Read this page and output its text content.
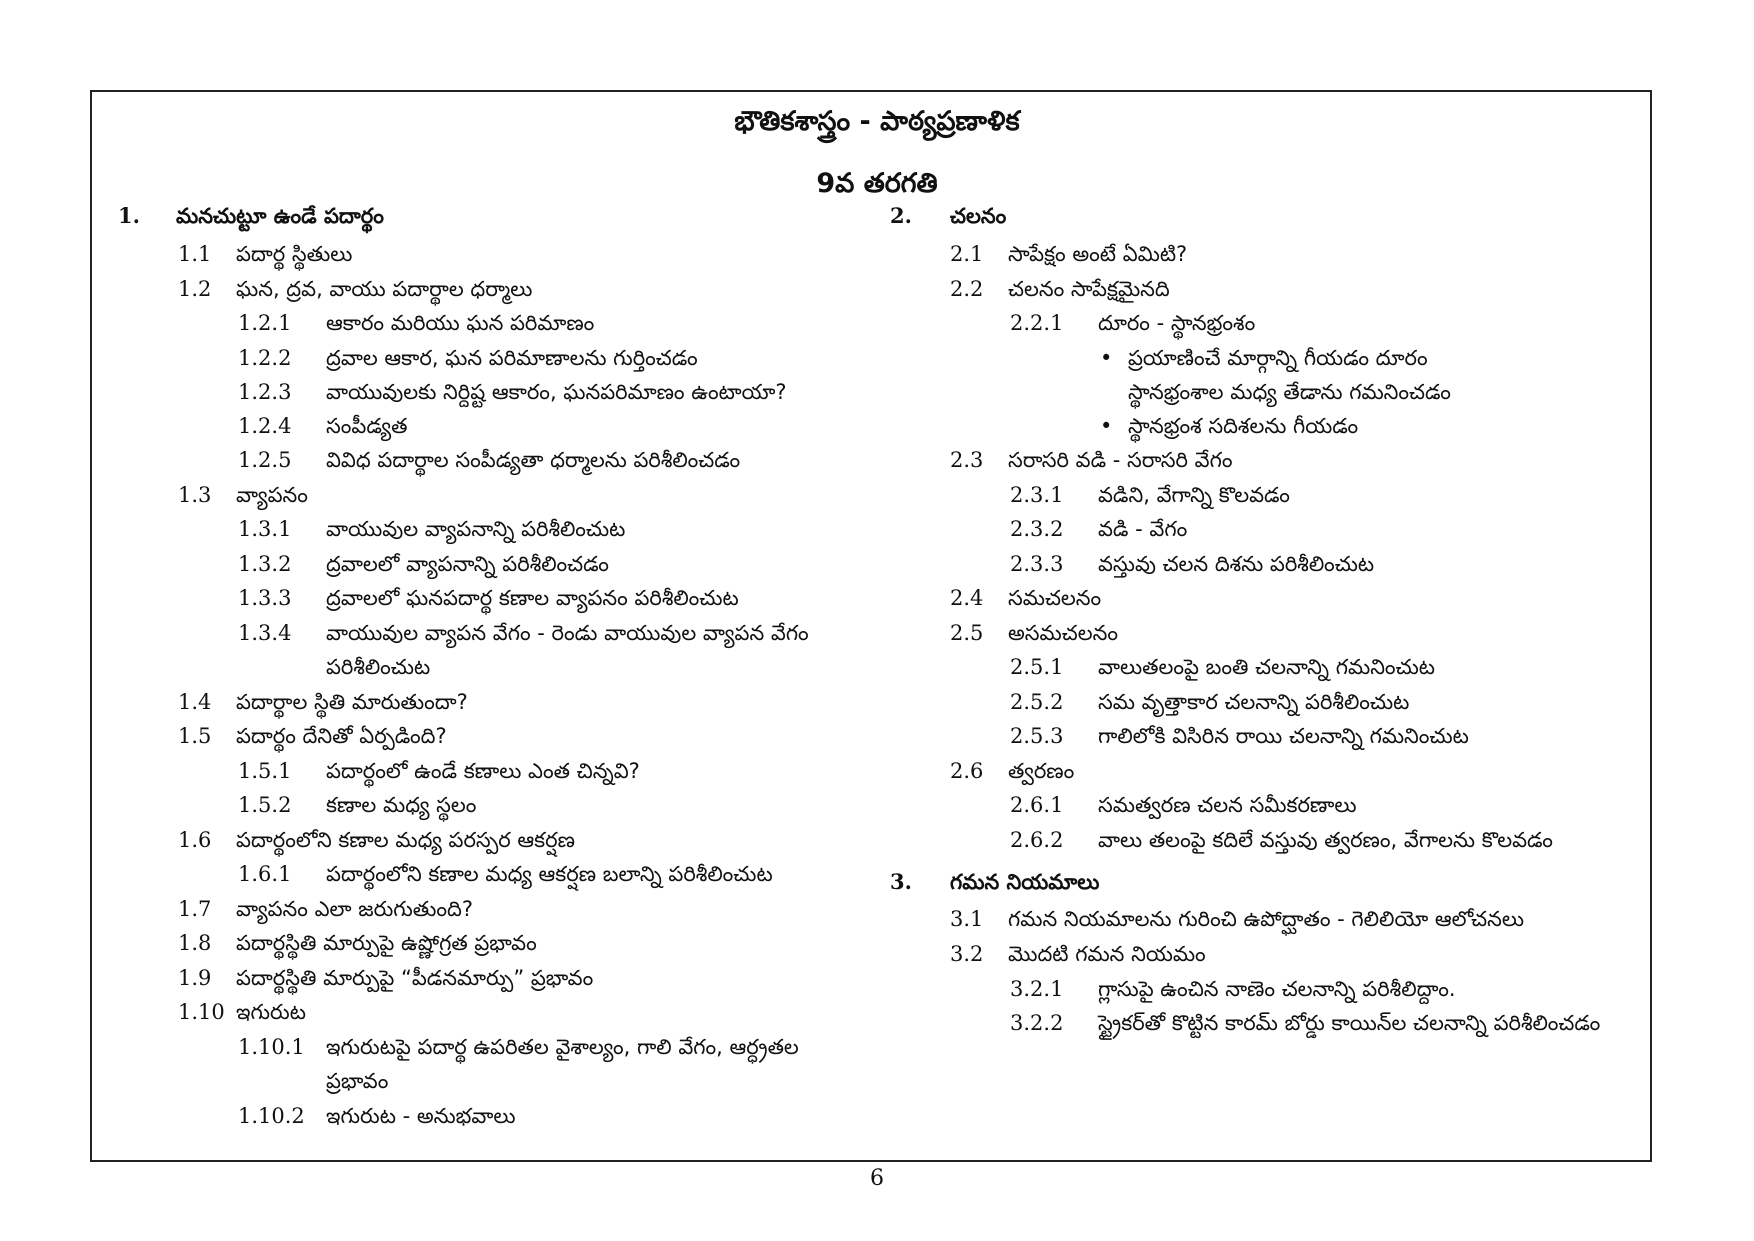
భౌతికశాస్త్రం - పాఠ్యప్రణాళిక
9వ తరగతి
1. మనచుట్టూ ఉండే పదార్థం
1.1 పదార్థ స్థితులు
1.2 ఘన, ద్రవ, వాయు పదార్థాల ధర్మాలు
1.2.1 ఆకారం మరియు ఘన పరిమాణం
1.2.2 ద్రవాల ఆకార, ఘన పరిమాణాలను గుర్తించడం
1.2.3 వాయువులకు నిర్దిష్ట ఆకారం, ఘనపరిమాణం ఉంటాయా?
1.2.4 సంపీడ్యత
1.2.5 వివిధ పదార్థాల సంపీడ్యతా ధర్మాలను పరిశీలించడం
1.3 వ్యాపనం
1.3.1 వాయువుల వ్యాపనాన్ని పరిశీలించుట
1.3.2 ద్రవాలలో వ్యాపనాన్ని పరిశీలించడం
1.3.3 ద్రవాలలో ఘనపదార్థ కణాల వ్యాపనం పరిశీలించుట
1.3.4 వాయువుల వ్యాపన వేగం - రెండు వాయువుల వ్యాపన వేగం
పరిశీలించుట
1.4 పదార్థాల స్థితి మారుతుందా?
1.5 పదార్థం దేనితో ఏర్పడింది?
1.5.1 పదార్థంలో ఉండే కణాలు ఎంత చిన్నవి?
1.5.2 కణాల మధ్య స్థలం
1.6 పదార్థంలోని కణాల మధ్య పరస్పర ఆకర్షణ
1.6.1 పదార్థంలోని కణాల మధ్య ఆకర్షణ బలాన్ని పరిశీలించుట
1.7 వ్యాపనం ఎలా జరుగుతుంది?
1.8 పదార్థస్థితి మార్పుపై ఉష్ణోగ్రత ప్రభావం
1.9 పదార్థస్థితి మార్పుపై “పీడనమార్పు” ప్రభావం
1.10 ఇగురుట
1.10.1 ఇగురుటపై పదార్థ ఉపరితల వైశాల్యం, గాలి వేగం, ఆర్ధ్రతల
ప్రభావం
1.10.2 ఇగురుట - అనుభవాలు
2. చలనం
2.1 సాపేక్షం అంటే ఏమిటి?
2.2 చలనం సాపేక్షమైనది
2.2.1 దూరం - స్థానభ్రంశం
• ప్రయాణించే మార్గాన్ని గీయడం దూరం
స్థానభ్రంశాల మధ్య తేడాను గమనించడం
• స్థానభ్రంశ సదిశలను గీయడం
2.3 సరాసరి వడి - సరాసరి వేగం
2.3.1 వడిని, వేగాన్ని కొలవడం
2.3.2 వడి - వేగం
2.3.3 వస్తువు చలన దిశను పరిశీలించుట
2.4 సమచలనం
2.5 అసమచలనం
2.5.1 వాలుతలంపై బంతి చలనాన్ని గమనించుట
2.5.2 సమ వృత్తాకార చలనాన్ని పరిశీలించుట
2.5.3 గాలిలోకి విసిరిన రాయి చలనాన్ని గమనించుట
2.6 త్వరణం
2.6.1 సమత్వరణ చలన సమీకరణాలు
2.6.2 వాలు తలంపై కదిలే వస్తువు త్వరణం, వేగాలను కొలవడం
3. గమన నియమాలు
3.1 గమన నియమాలను గురించి ఉపోద్ఘాతం - గెలిలియో ఆలోచనలు
3.2 మొదటి గమన నియమం
3.2.1 గ్లాసుపై ఉంచిన నాణెం చలనాన్ని పరిశీలిద్దాం.
3.2.2 స్ట్రైకర్‌తో కొట్టిన కారమ్ బోర్డు కాయిన్‌ల చలనాన్ని పరిశీలించడం
6
